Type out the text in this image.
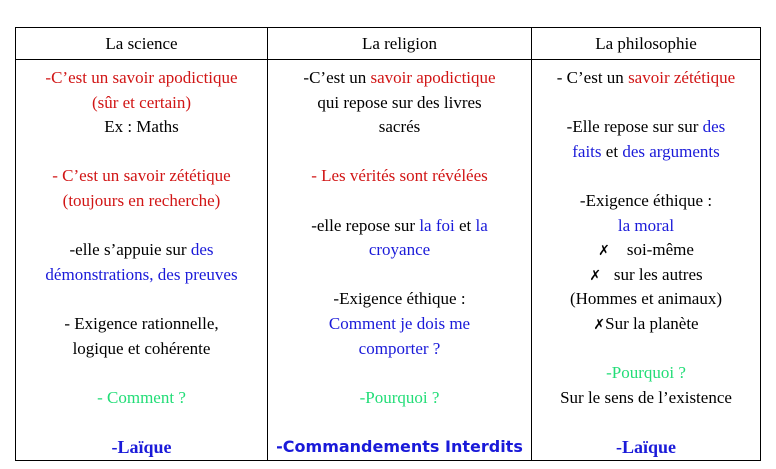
La science	La religion	La philosophie
-C’est un savoir apodictique
(sûr et certain)
Ex : Maths
- C’est un savoir zététique
(toujours en recherche)
-elle s’appuie sur des
démonstrations, des preuves
- Exigence rationnelle,
logique et cohérente
- Comment ?
-Laïque
-C’est un savoir apodictique
qui repose sur des livres
sacrés
- Les vérités sont révélées
-elle repose sur la foi et la
croyance
-Exigence éthique :
Comment je dois me
comporter ?
-Pourquoi ?
-Commandements Interdits
- C’est un savoir zététique
-Elle repose sur sur des
faits et des arguments
-Exigence éthique :
la moral
✗ soi-même
✗ sur les autres
(Hommes et animaux)
✗Sur la planète
-Pourquoi ?
Sur le sens de l’existence
-Laïque
